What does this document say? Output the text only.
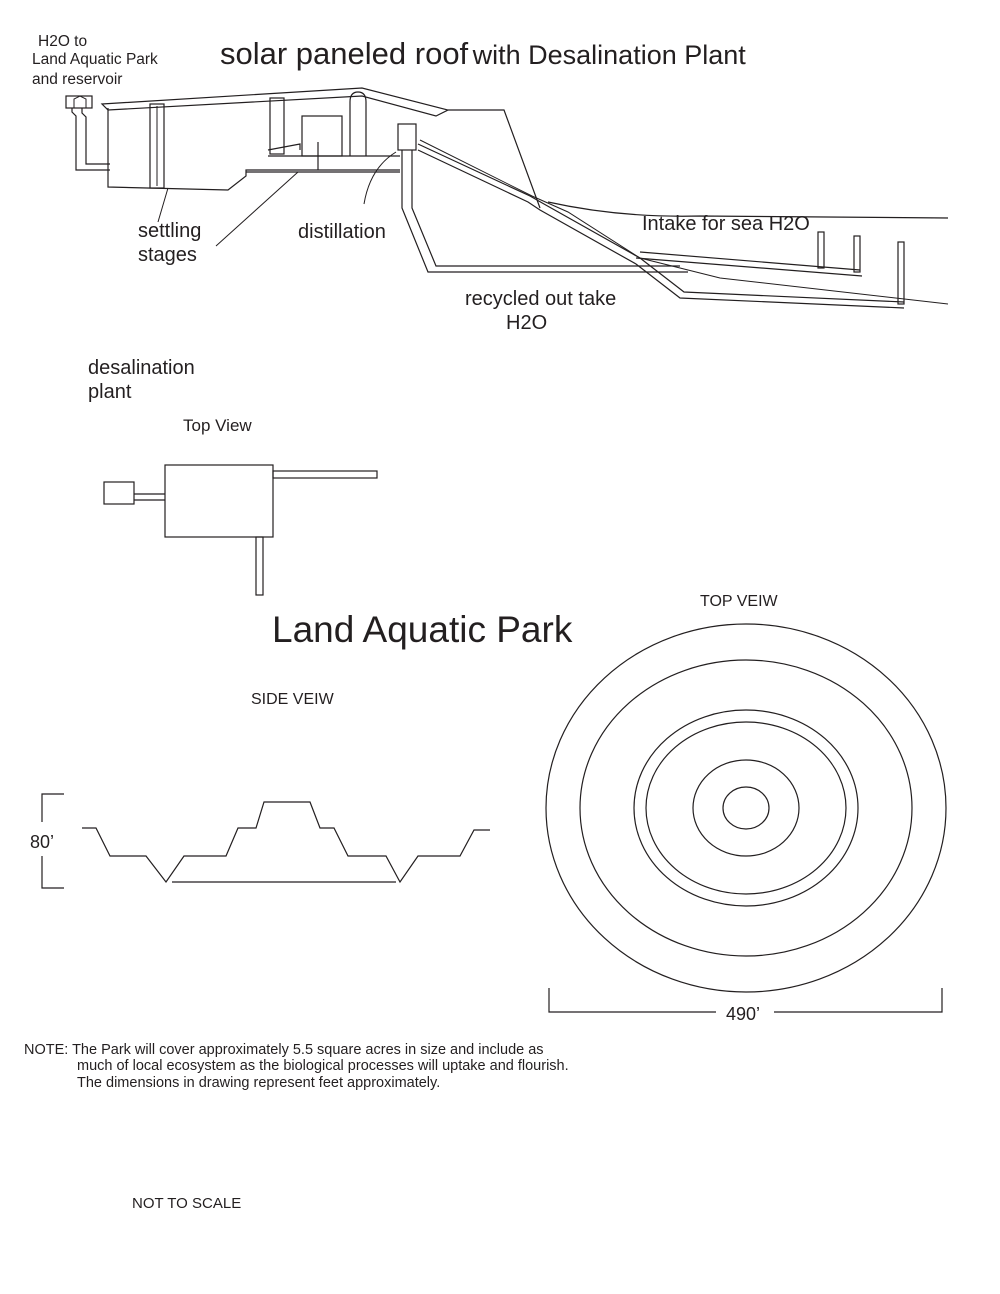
solar paneled roof with Desalination Plant
H2O to Land Aquatic Park and reservoir
settling stages
distillation	Intake for sea H2O
recycled out take H2O
desalination plant
Top View
Land Aquatic Park
SIDE VEIW
TOP VEIW
80’
490’
NOTE: The Park will cover approximately 5.5 square acres in size and include as
much of local ecosystem as the biological processes will uptake and flourish.
The dimensions in drawing represent feet approximately.
NOT TO SCALE
